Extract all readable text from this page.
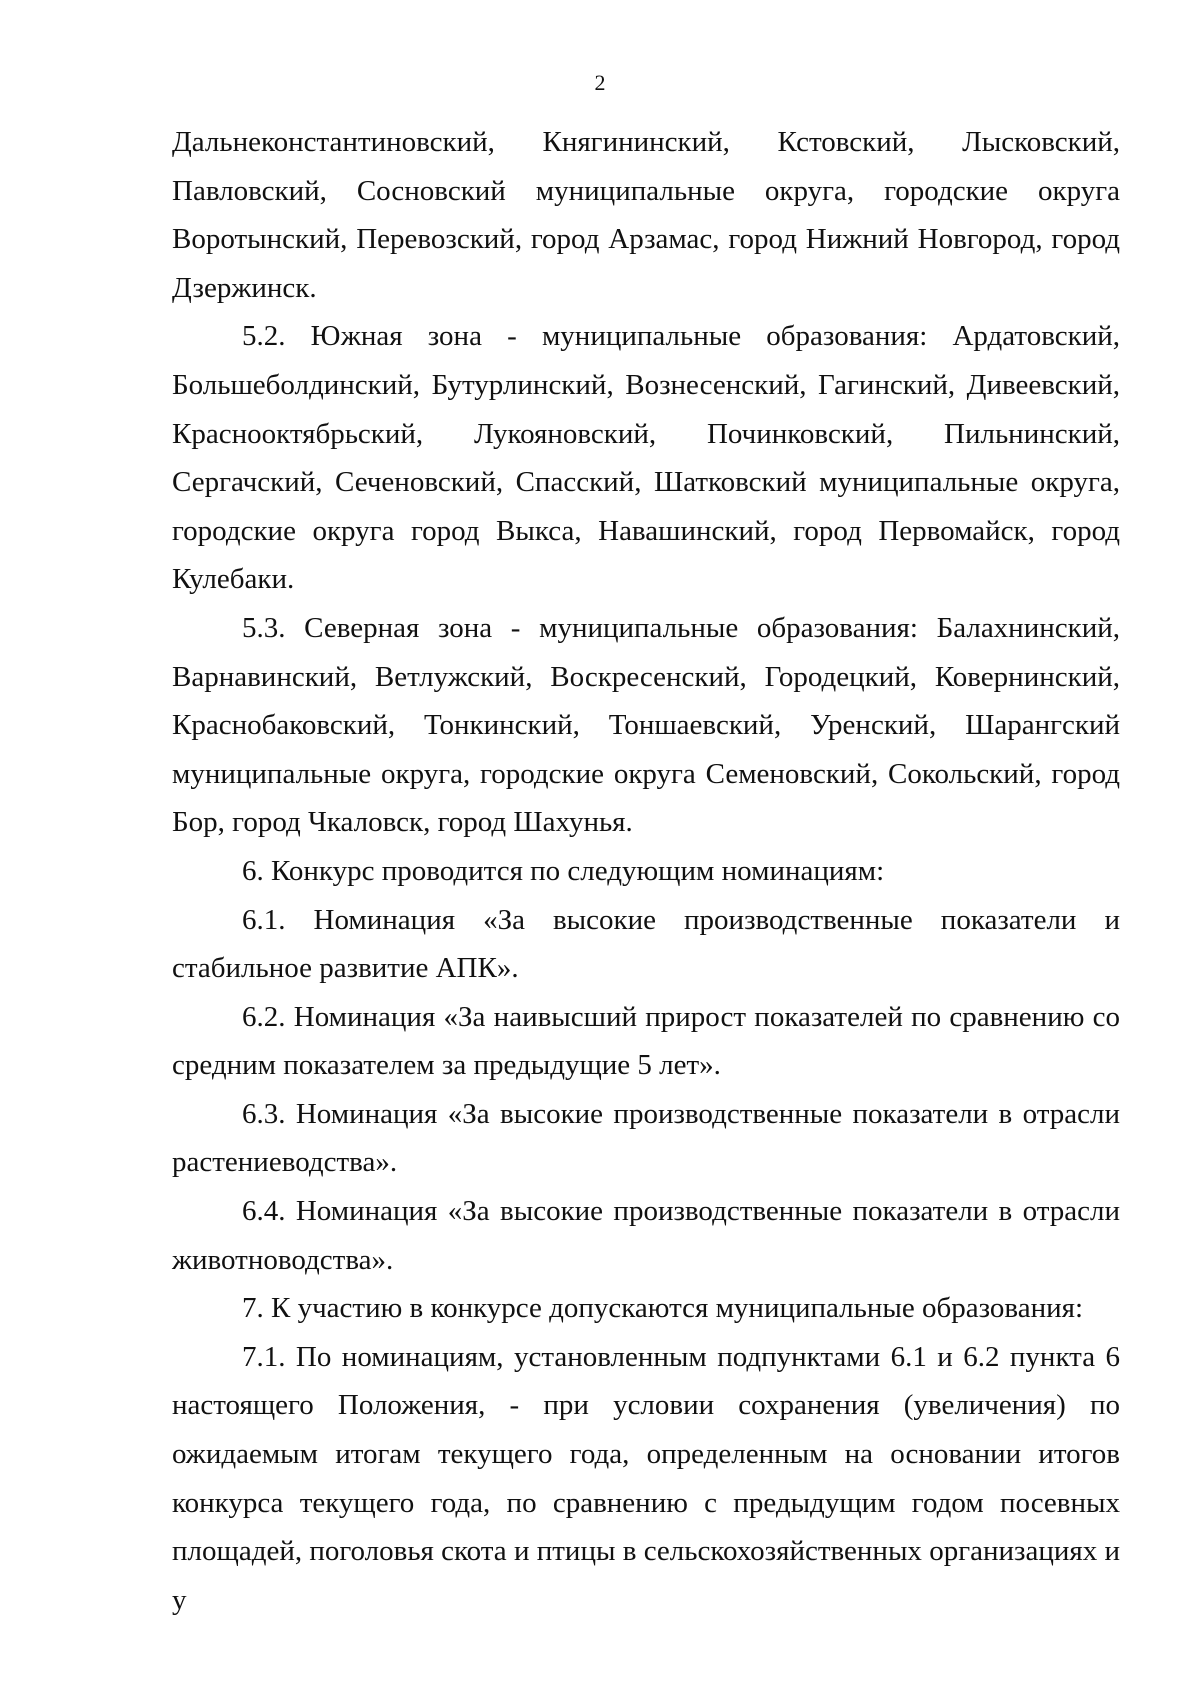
2

Дальнеконстантиновский, Княгининский, Кстовский, Лысковский, Павловский, Сосновский муниципальные округа, городские округа Воротынский, Перевозский, город Арзамас, город Нижний Новгород, город Дзержинск.

5.2. Южная зона - муниципальные образования: Ардатовский, Большеболдинский, Бутурлинский, Вознесенский, Гагинский, Дивеевский, Краснооктябрьский, Лукояновский, Починковский, Пильнинский, Сергачский, Сеченовский, Спасский, Шатковский муниципальные округа, городские округа город Выкса, Навашинский, город Первомайск, город Кулебаки.

5.3. Северная зона - муниципальные образования: Балахнинский, Варнавинский, Ветлужский, Воскресенский, Городецкий, Ковернинский, Краснобаковский, Тонкинский, Тоншаевский, Уренский, Шарангский муниципальные округа, городские округа Семеновский, Сокольский, город Бор, город Чкаловск, город Шахунья.

6. Конкурс проводится по следующим номинациям:

6.1. Номинация «За высокие производственные показатели и стабильное развитие АПК».

6.2. Номинация «За наивысший прирост показателей по сравнению со средним показателем за предыдущие 5 лет».

6.3. Номинация «За высокие производственные показатели в отрасли растениеводства».

6.4. Номинация «За высокие производственные показатели в отрасли животноводства».

7. К участию в конкурсе допускаются муниципальные образования:

7.1. По номинациям, установленным подпунктами 6.1 и 6.2 пункта 6 настоящего Положения, - при условии сохранения (увеличения) по ожидаемым итогам текущего года, определенным на основании итогов конкурса текущего года, по сравнению с предыдущим годом посевных площадей, поголовья скота и птицы в сельскохозяйственных организациях и у
